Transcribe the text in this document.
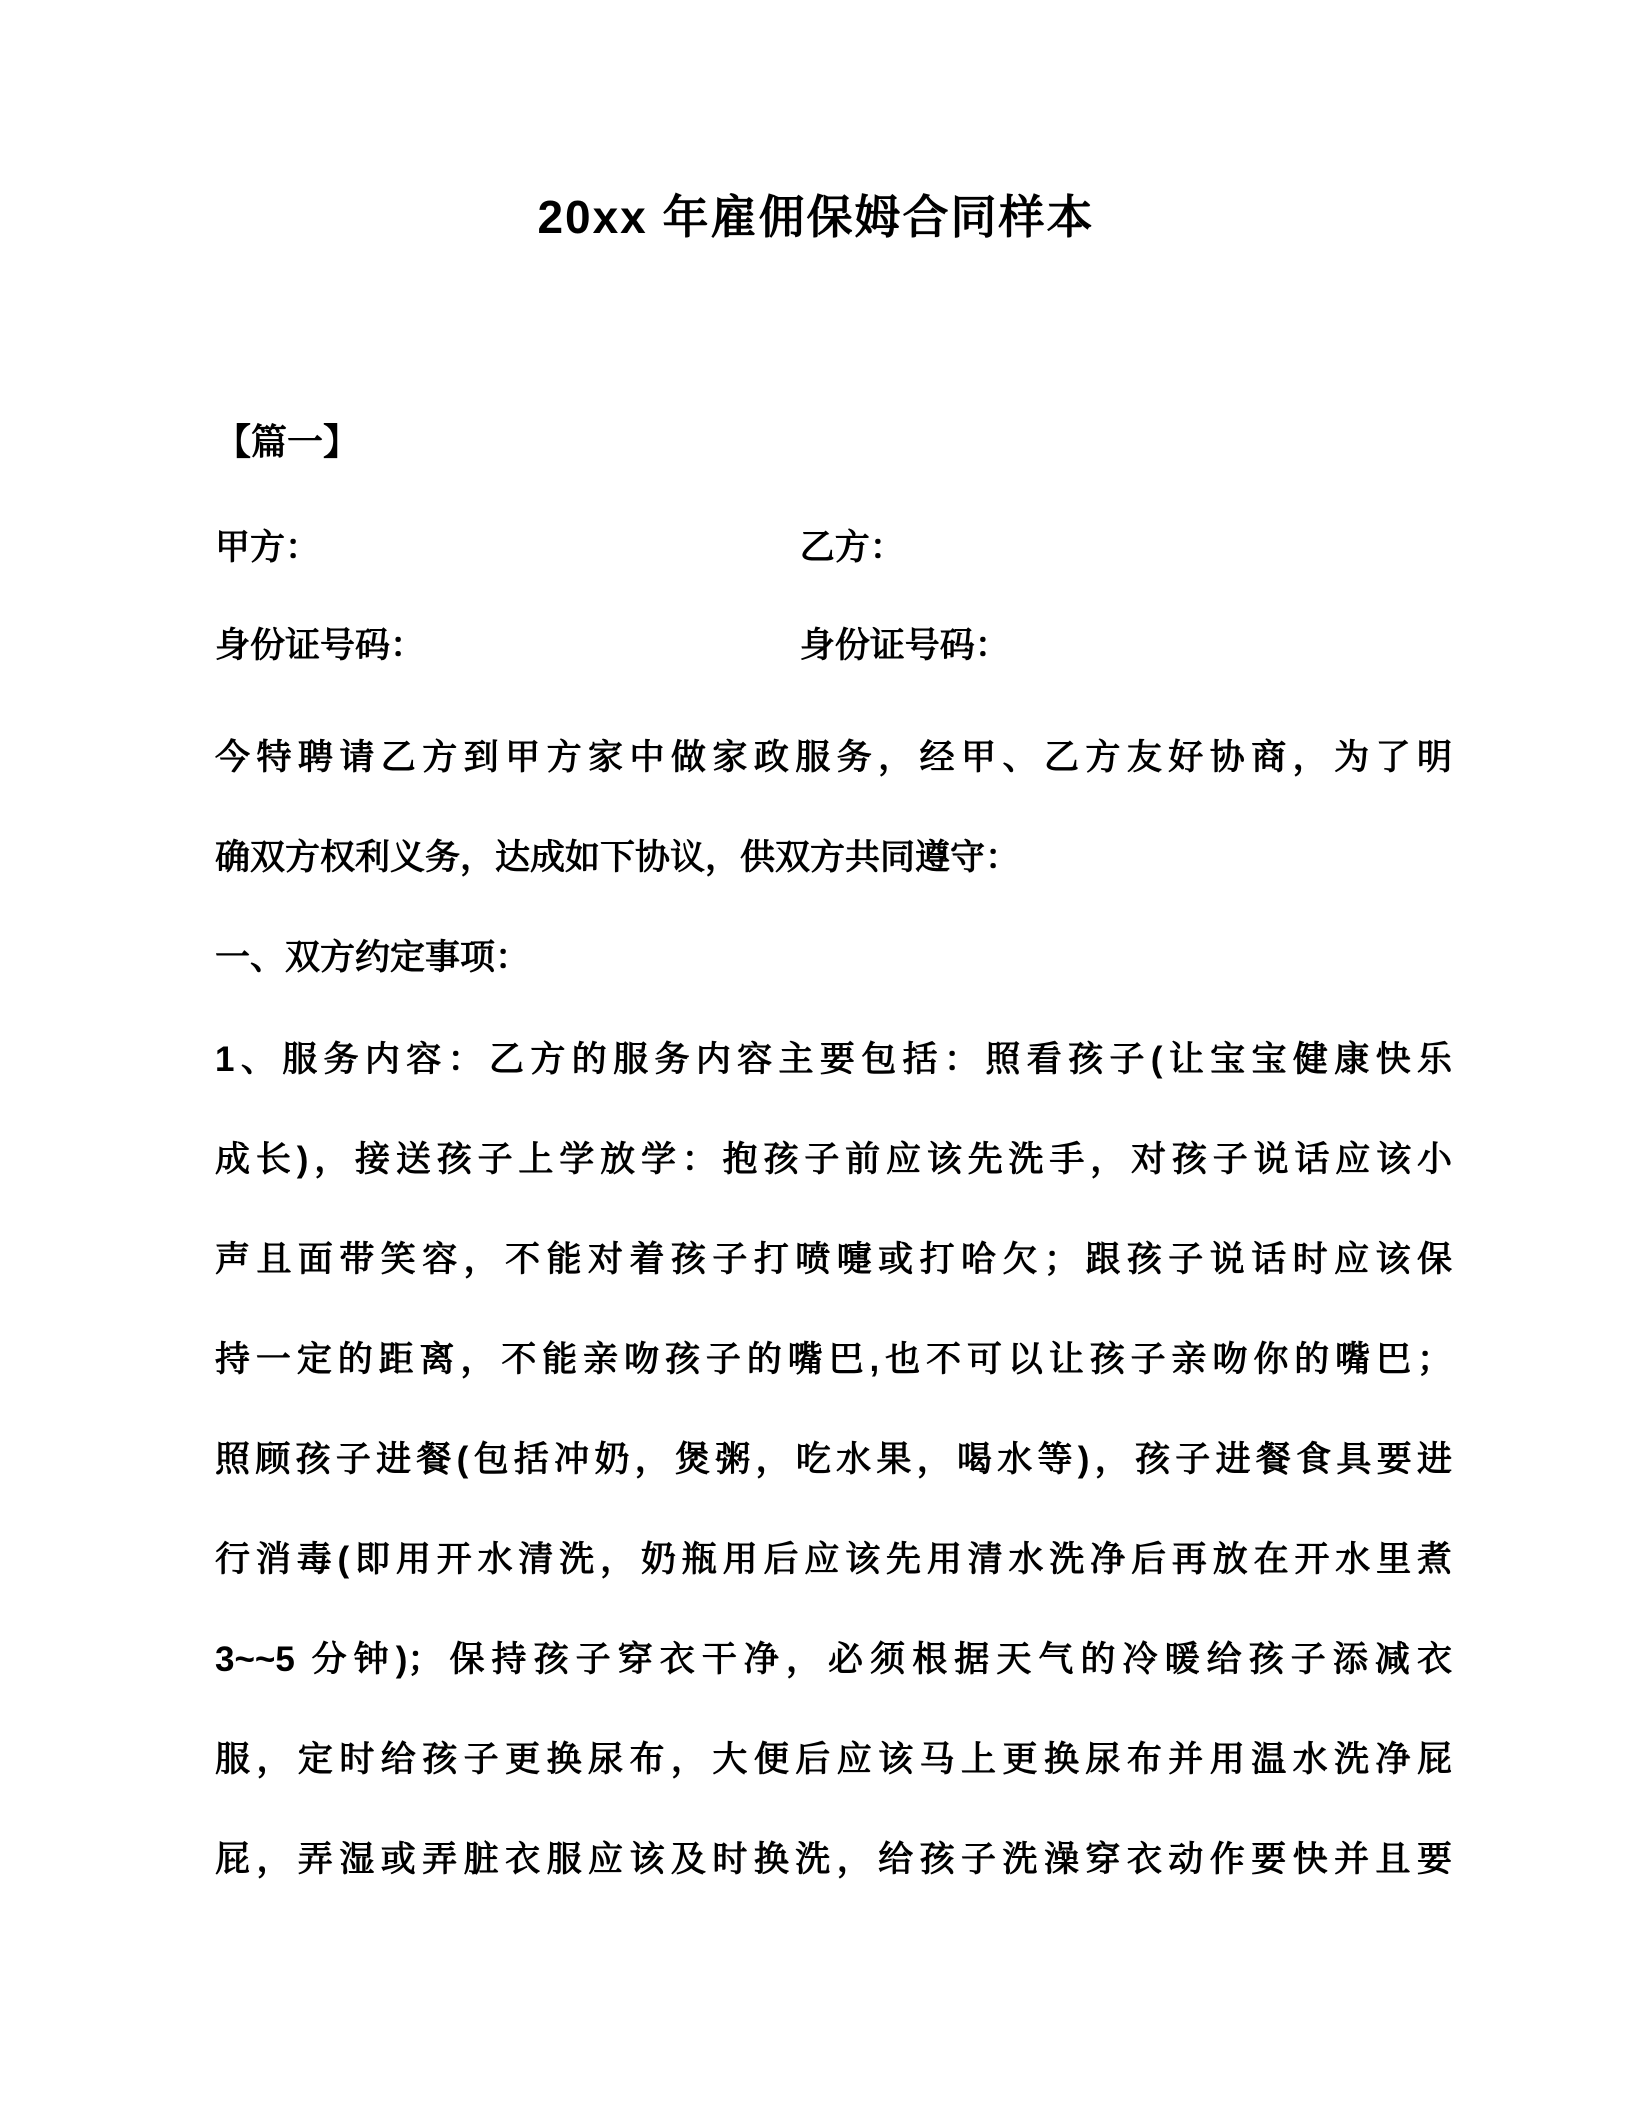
20xx 年雇佣保姆合同样本
【篇一】
甲方：	乙方：
身份证号码：	身份证号码：
今特聘请乙方到甲方家中做家政服务，经甲、乙方友好协商，为了明
确双方权利义务，达成如下协议，供双方共同遵守：
一、双方约定事项：
1、服务内容：乙方的服务内容主要包括：照看孩子(让宝宝健康快乐
成长)，接送孩子上学放学：抱孩子前应该先洗手，对孩子说话应该小
声且面带笑容，不能对着孩子打喷嚏或打哈欠；跟孩子说话时应该保
持一定的距离，不能亲吻孩子的嘴巴,也不可以让孩子亲吻你的嘴巴；
照顾孩子进餐(包括冲奶，煲粥，吃水果，喝水等)，孩子进餐食具要进
行消毒(即用开水清洗，奶瓶用后应该先用清水洗净后再放在开水里煮
3~~5 分钟)；保持孩子穿衣干净，必须根据天气的冷暖给孩子添减衣
服，定时给孩子更换尿布，大便后应该马上更换尿布并用温水洗净屁
屁，弄湿或弄脏衣服应该及时换洗，给孩子洗澡穿衣动作要快并且要
